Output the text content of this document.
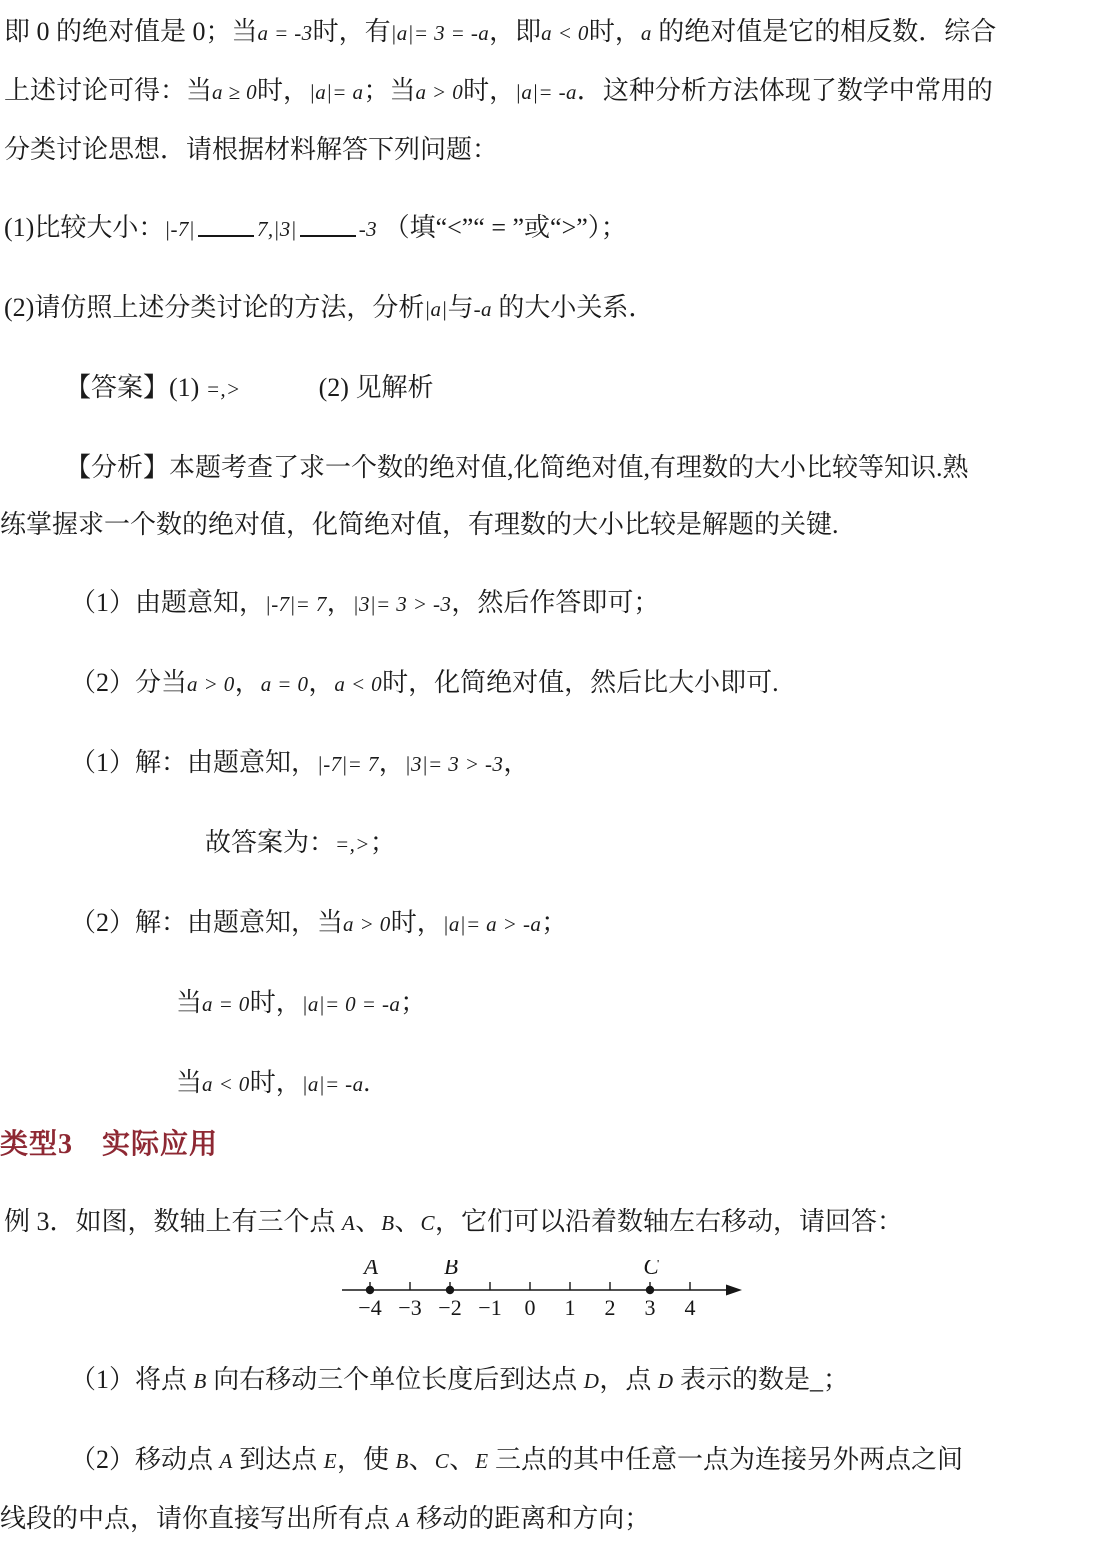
即 0 的绝对值是 0；当a = -3时，有|a|= 3 = -a，即a < 0时，a 的绝对值是它的相反数．综合
上述讨论可得：当a ≥ 0时，|a|= a；当a > 0时，|a|= -a．这种分析方法体现了数学中常用的
分类讨论思想．请根据材料解答下列问题：
(1)比较大小：|-7|	7,|3|	-3 （填“<”“ = ”或“>”）；
(2)请仿照上述分类讨论的方法，分析|a|与-a 的大小关系．
【答案】(1) =,>　　　(2) 见解析
【分析】本题考查了求一个数的绝对值,化简绝对值,有理数的大小比较等知识.熟
练掌握求一个数的绝对值，化简绝对值，有理数的大小比较是解题的关键.
（1）由题意知，|-7|= 7，|3|= 3 > -3，然后作答即可；
（2）分当a > 0，a = 0，a < 0时，化简绝对值，然后比大小即可.
（1）解：由题意知，|-7|= 7，|3|= 3 > -3，
故答案为：=,>；
（2）解：由题意知，当a > 0时，|a|= a > -a；
当a = 0时，|a|= 0 = -a；
当a < 0时，|a|= -a.
类型3　实际应用
例 3．如图，数轴上有三个点 A、B、C，它们可以沿着数轴左右移动，请回答：
−4 −3 −2 −1 0 1 2 3 4
A	B	C
（1）将点 B 向右移动三个单位长度后到达点 D，点 D 表示的数是_；
（2）移动点 A 到达点 E，使 B、C、E 三点的其中任意一点为连接另外两点之间
线段的中点，请你直接写出所有点 A 移动的距离和方向；
